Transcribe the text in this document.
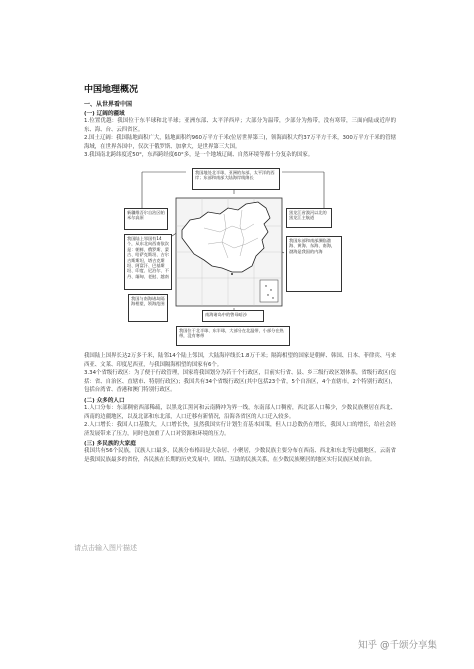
中国地理概况
一、从世界看中国
(一) 辽阔的疆域
1.位置优越：我国位于东半球和北半球；亚洲东部、太平洋西岸；大部分为温带，少部分为热带，没有寒带，三面向陆或近岸的东、海、台、云四省区。
2.国土辽阔：我国陆地面积广大，陆地面积约960万平方千米(位居世界第三)，领海面积大约37万平方千米，300万平方千米的管辖海域，在世界各国中，仅次于俄罗斯、加拿大，是世界第三大国。
3.我国南北跨纬度近50°，东西跨经度60°多，是一个地域辽阔、自然环境等都十分复杂的国家。
我国地处北半球，亚洲的东部，太平洋的西岸；东部和南部大陆海岸线绵长
新疆维吾尔自治区帕米尔高原
我国陆上邻国有14个，从东北向西南依次是：朝鲜、俄罗斯、蒙古、哈萨克斯坦、吉尔吉斯斯坦、塔吉克斯坦、阿富汗、巴基斯坦、印度、尼泊尔、不丹、缅甸、老挝、越南
我国与南海诸岛隔海相望，领海范围
黑龙江省漠河以北的黑龙江主航道
我国东部和南部濒临渤海、黄海、东海、南海，渤海是我国的内海
南海诸岛中的曾母暗沙
我国位于北半球、东半球，大部分在北温带，小部分在热带，没有寒带
我国陆上国界长达2万多千米，陆邻14个陆上邻国，大陆海岸线长1.8万千米；隔海相望的国家是朝鲜、韩国、日本、菲律宾、马来西亚、文莱、印度尼西亚，与我国隔海相望的国家有6个。
3.34个省级行政区：为了便于行政管理，国家将我国划分为若干个行政区，目前实行省、县、乡三级行政区划体系，省级行政区(包括：省、自治区、直辖市、特别行政区)；我国共有34个省级行政区(其中包括23个省，5个自治区，4个直辖市，2个特别行政区)，包括台湾省、香港和澳门特别行政区。
(二) 众多的人口
1.人口分布：东部稠密西部稀疏，以黑龙江黑河和云南腾冲为界一线，东南部人口稠密，西北部人口稀少，少数民族聚居在西北、西南的边疆地区，以及北部和东北部，人口迁移有新情况，沿海各省区的人口迁入较多。
2.人口增长：我国人口基数大，人口增长快，虽然我国实行计划生育基本国策，但人口总数仍在增长，我国人口的增长，给社会经济发展带来了压力，同时也加重了人口对资源和环境的压力。
(三) 多民族的大家庭
我国共有56个民族，汉族人口最多，民族分布格局是大杂居、小聚居，少数民族主要分布在西南、西北和东北等边疆地区，云南省是我国民族最多的省份，各民族在长期的历史发展中，团结、互助的民族关系，在少数民族聚居的地区实行民族区域自治。
请点击输入图片描述
知乎 @千颂分享集
